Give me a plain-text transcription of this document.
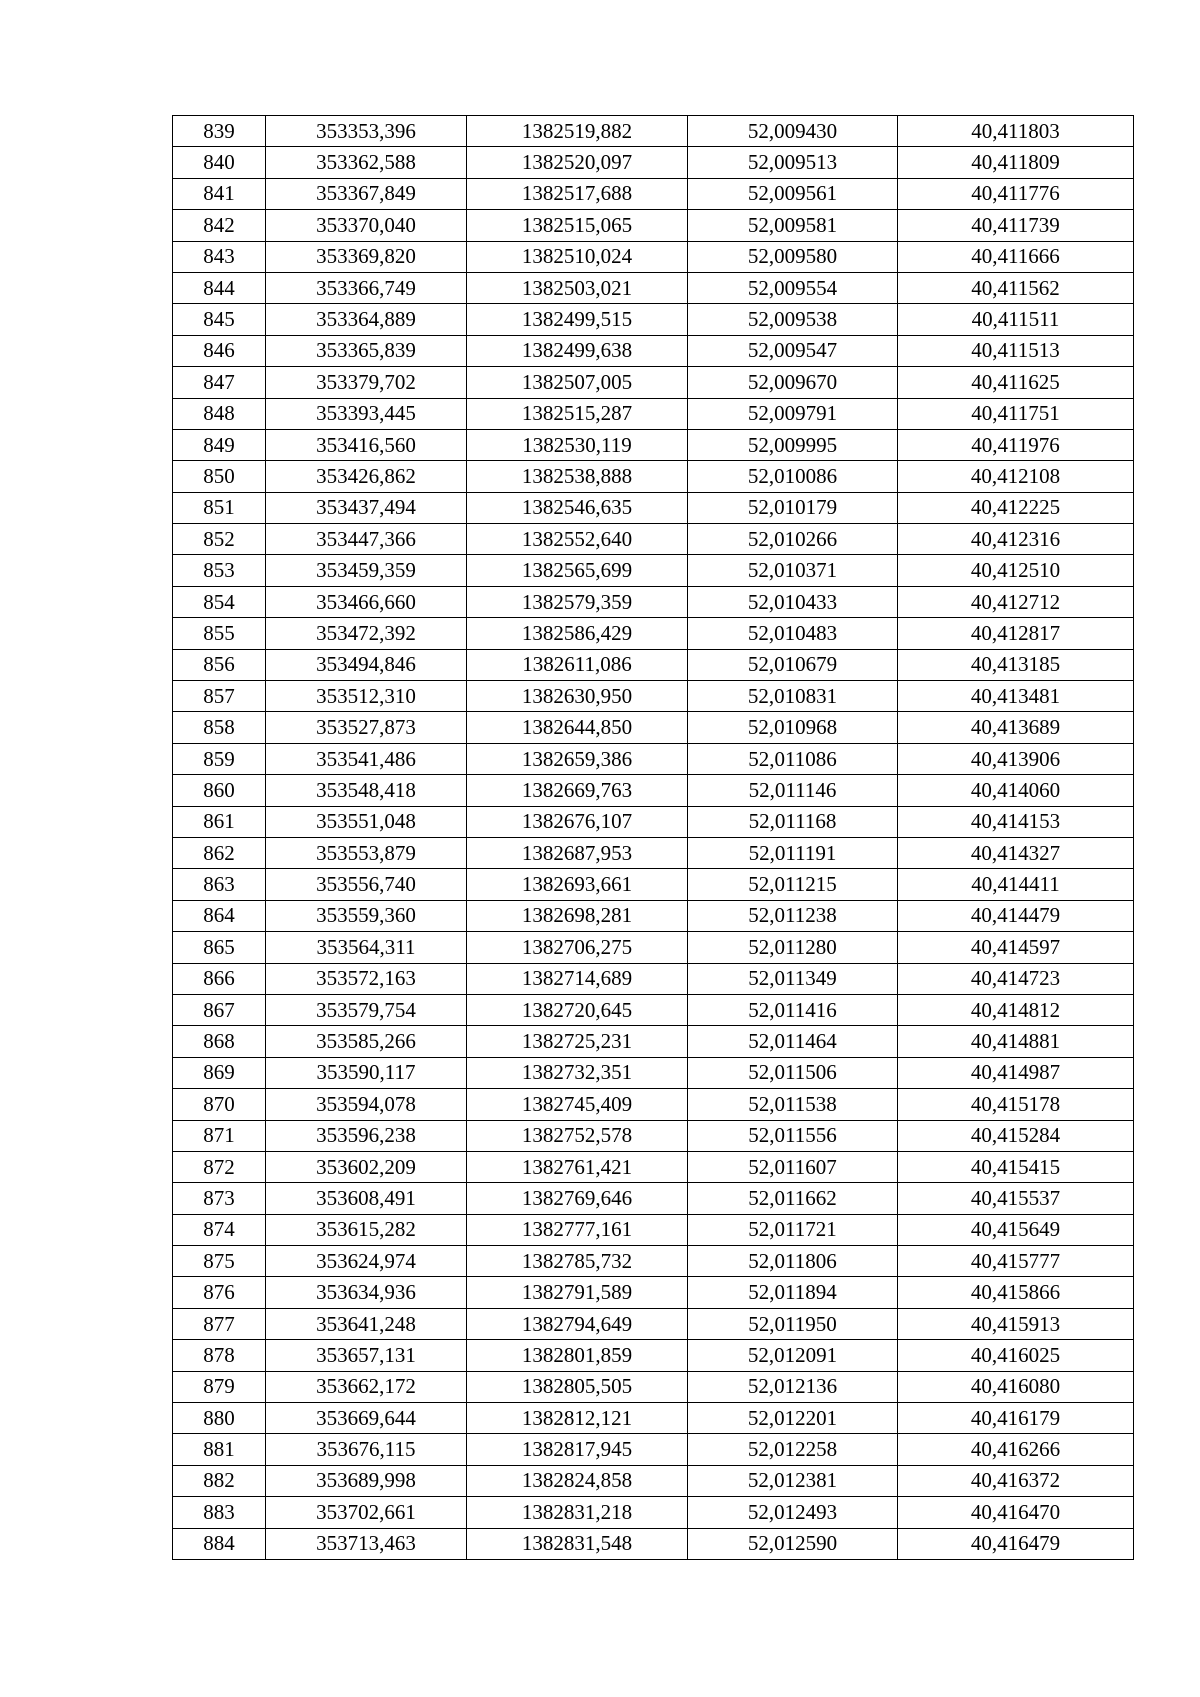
839	353353,396	1382519,882	52,009430	40,411803
840	353362,588	1382520,097	52,009513	40,411809
841	353367,849	1382517,688	52,009561	40,411776
842	353370,040	1382515,065	52,009581	40,411739
843	353369,820	1382510,024	52,009580	40,411666
844	353366,749	1382503,021	52,009554	40,411562
845	353364,889	1382499,515	52,009538	40,411511
846	353365,839	1382499,638	52,009547	40,411513
847	353379,702	1382507,005	52,009670	40,411625
848	353393,445	1382515,287	52,009791	40,411751
849	353416,560	1382530,119	52,009995	40,411976
850	353426,862	1382538,888	52,010086	40,412108
851	353437,494	1382546,635	52,010179	40,412225
852	353447,366	1382552,640	52,010266	40,412316
853	353459,359	1382565,699	52,010371	40,412510
854	353466,660	1382579,359	52,010433	40,412712
855	353472,392	1382586,429	52,010483	40,412817
856	353494,846	1382611,086	52,010679	40,413185
857	353512,310	1382630,950	52,010831	40,413481
858	353527,873	1382644,850	52,010968	40,413689
859	353541,486	1382659,386	52,011086	40,413906
860	353548,418	1382669,763	52,011146	40,414060
861	353551,048	1382676,107	52,011168	40,414153
862	353553,879	1382687,953	52,011191	40,414327
863	353556,740	1382693,661	52,011215	40,414411
864	353559,360	1382698,281	52,011238	40,414479
865	353564,311	1382706,275	52,011280	40,414597
866	353572,163	1382714,689	52,011349	40,414723
867	353579,754	1382720,645	52,011416	40,414812
868	353585,266	1382725,231	52,011464	40,414881
869	353590,117	1382732,351	52,011506	40,414987
870	353594,078	1382745,409	52,011538	40,415178
871	353596,238	1382752,578	52,011556	40,415284
872	353602,209	1382761,421	52,011607	40,415415
873	353608,491	1382769,646	52,011662	40,415537
874	353615,282	1382777,161	52,011721	40,415649
875	353624,974	1382785,732	52,011806	40,415777
876	353634,936	1382791,589	52,011894	40,415866
877	353641,248	1382794,649	52,011950	40,415913
878	353657,131	1382801,859	52,012091	40,416025
879	353662,172	1382805,505	52,012136	40,416080
880	353669,644	1382812,121	52,012201	40,416179
881	353676,115	1382817,945	52,012258	40,416266
882	353689,998	1382824,858	52,012381	40,416372
883	353702,661	1382831,218	52,012493	40,416470
884	353713,463	1382831,548	52,012590	40,416479
